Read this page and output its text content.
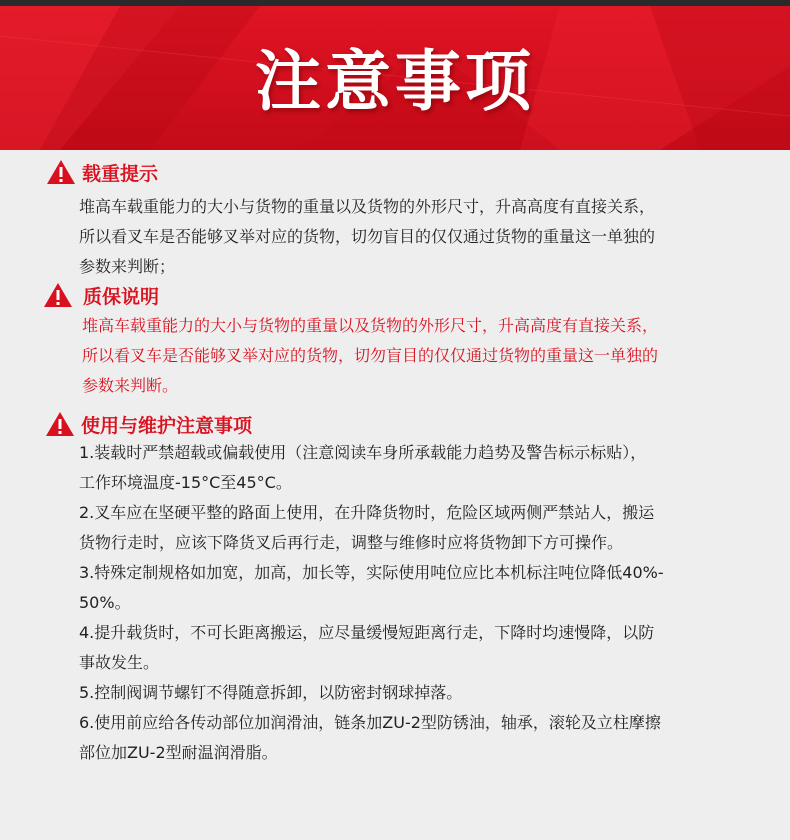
注意事项
载重提示
堆高车载重能力的大小与货物的重量以及货物的外形尺寸，升高高度有直接关系，
所以看叉车是否能够叉举对应的货物，切勿盲目的仅仅通过货物的重量这一单独的
参数来判断；
质保说明
堆高车载重能力的大小与货物的重量以及货物的外形尺寸，升高高度有直接关系，
所以看叉车是否能够叉举对应的货物，切勿盲目的仅仅通过货物的重量这一单独的
参数来判断。
使用与维护注意事项
1.装载时严禁超载或偏载使用（注意阅读车身所承载能力趋势及警告标示标贴），
工作环境温度-15°C至45°C。
2.叉车应在坚硬平整的路面上使用，在升降货物时，危险区域两侧严禁站人，搬运
货物行走时，应该下降货叉后再行走，调整与维修时应将货物卸下方可操作。
3.特殊定制规格如加宽，加高，加长等，实际使用吨位应比本机标注吨位降低40%-
50%。
4.提升载货时，不可长距离搬运，应尽量缓慢短距离行走，下降时均速慢降，以防
事故发生。
5.控制阀调节螺钉不得随意拆卸，以防密封钢球掉落。
6.使用前应给各传动部位加润滑油，链条加ZU-2型防锈油，轴承，滚轮及立柱摩擦
部位加ZU-2型耐温润滑脂。
